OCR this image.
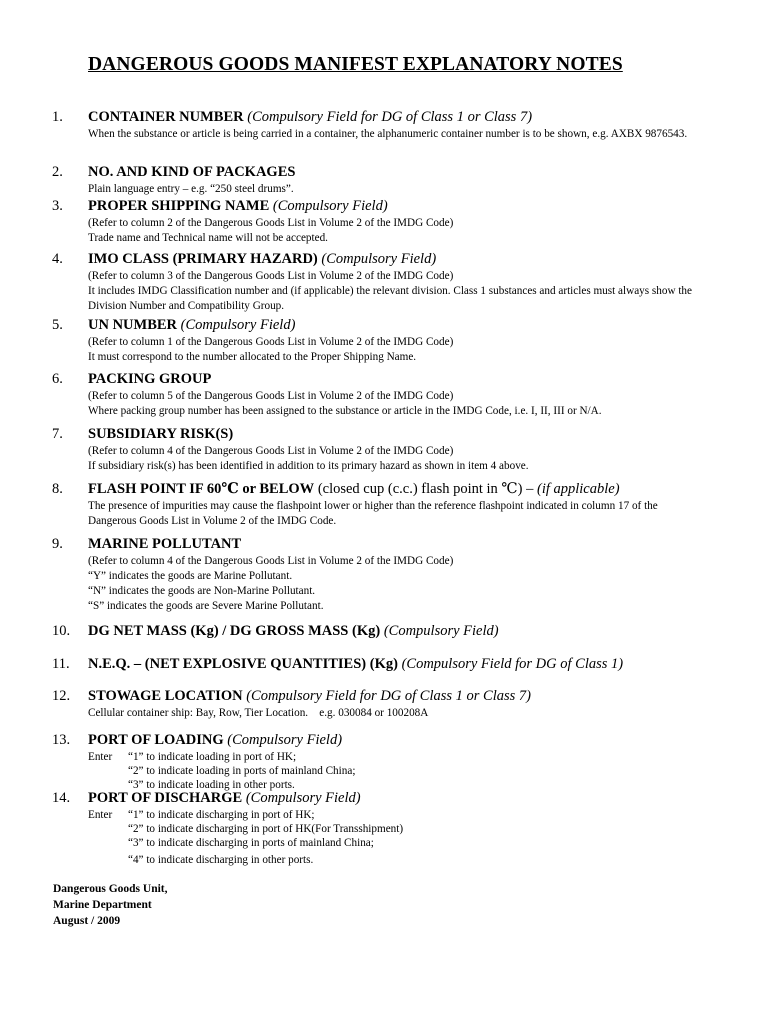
DANGEROUS GOODS MANIFEST EXPLANATORY NOTES
1. CONTAINER NUMBER (Compulsory Field for DG of Class 1 or Class 7)
When the substance or article is being carried in a container, the alphanumeric container number is to be shown, e.g. AXBX 9876543.
2. NO. AND KIND OF PACKAGES
Plain language entry – e.g. “250 steel drums”.
3. PROPER SHIPPING NAME (Compulsory Field)
(Refer to column 2 of the Dangerous Goods List in Volume 2 of the IMDG Code)
Trade name and Technical name will not be accepted.
4. IMO CLASS (PRIMARY HAZARD) (Compulsory Field)
(Refer to column 3 of the Dangerous Goods List in Volume 2 of the IMDG Code)
It includes IMDG Classification number and (if applicable) the relevant division. Class 1 substances and articles must always show the Division Number and Compatibility Group.
5. UN NUMBER (Compulsory Field)
(Refer to column 1 of the Dangerous Goods List in Volume 2 of the IMDG Code)
It must correspond to the number allocated to the Proper Shipping Name.
6. PACKING GROUP
(Refer to column 5 of the Dangerous Goods List in Volume 2 of the IMDG Code)
Where packing group number has been assigned to the substance or article in the IMDG Code, i.e. I, II, III or N/A.
7. SUBSIDIARY RISK(S)
(Refer to column 4 of the Dangerous Goods List in Volume 2 of the IMDG Code)
If subsidiary risk(s) has been identified in addition to its primary hazard as shown in item 4 above.
8. FLASH POINT IF 60℃ or BELOW (closed cup (c.c.) flash point in ℃) – (if applicable)
The presence of impurities may cause the flashpoint lower or higher than the reference flashpoint indicated in column 17 of the Dangerous Goods List in Volume 2 of the IMDG Code.
9. MARINE POLLUTANT
(Refer to column 4 of the Dangerous Goods List in Volume 2 of the IMDG Code)
“Y” indicates the goods are Marine Pollutant.
“N” indicates the goods are Non-Marine Pollutant.
“S” indicates the goods are Severe Marine Pollutant.
10. DG NET MASS (Kg) / DG GROSS MASS (Kg) (Compulsory Field)
11. N.E.Q. – (NET EXPLOSIVE QUANTITIES) (Kg) (Compulsory Field for DG of Class 1)
12. STOWAGE LOCATION (Compulsory Field for DG of Class 1 or Class 7)
Cellular container ship: Bay, Row, Tier Location.    e.g. 030084 or 100208A
13. PORT OF LOADING (Compulsory Field)
Enter	“1” to indicate loading in port of HK;
“2” to indicate loading in ports of mainland China;
“3” to indicate loading in other ports.
14. PORT OF DISCHARGE (Compulsory Field)
Enter	“1” to indicate discharging in port of HK;
“2” to indicate discharging in port of HK(For Transshipment)
“3” to indicate discharging in ports of mainland China;
“4” to indicate discharging in other ports.
Dangerous Goods Unit,
Marine Department
August / 2009
